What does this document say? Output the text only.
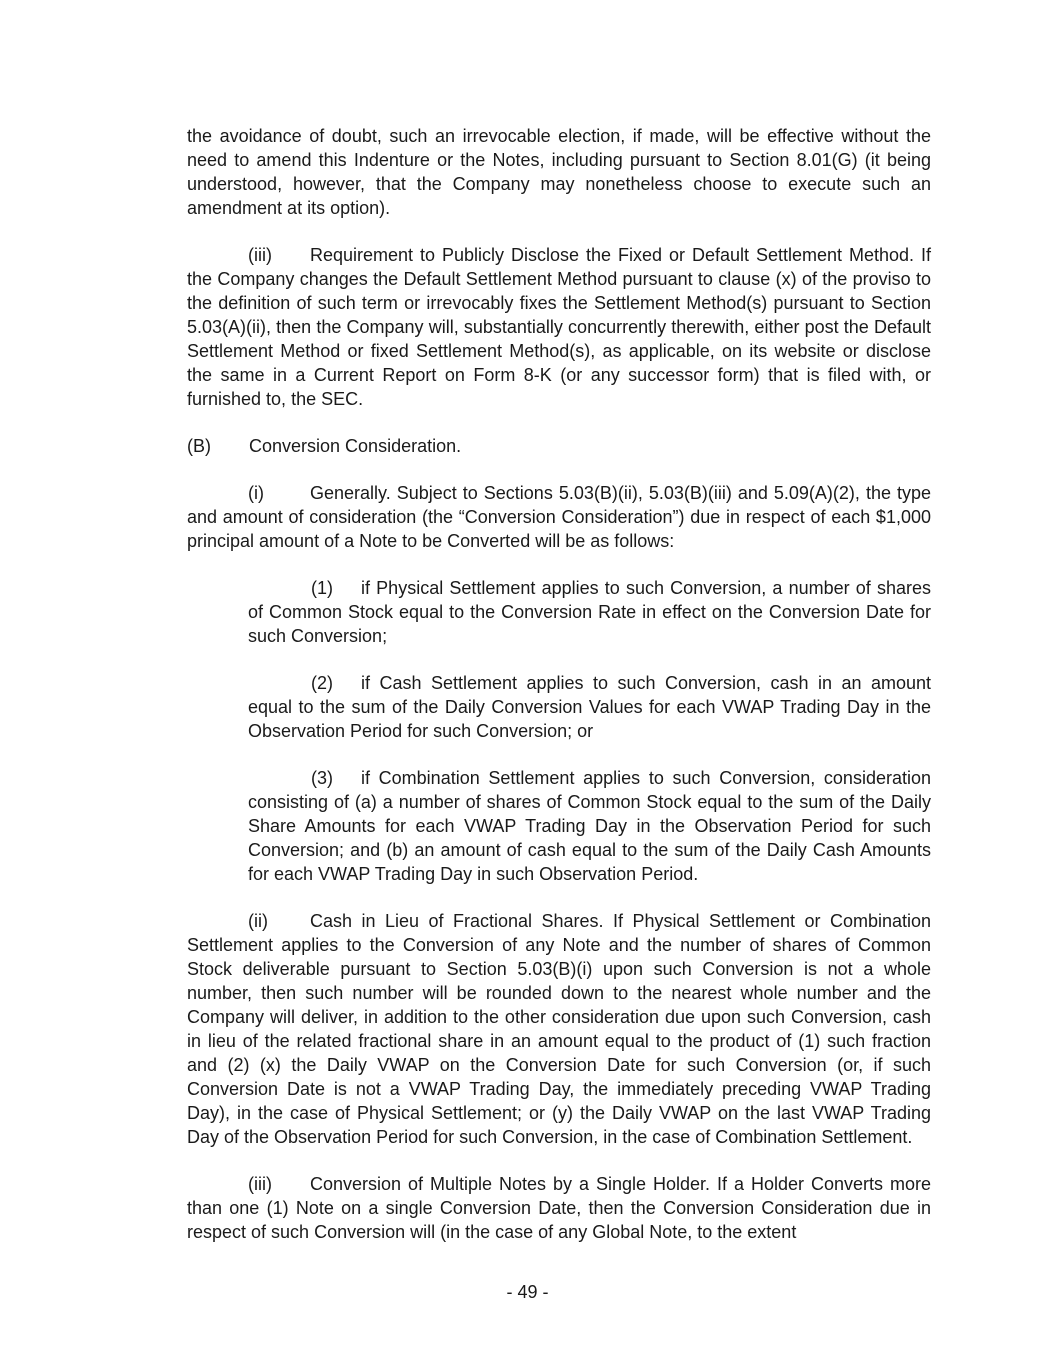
the avoidance of doubt, such an irrevocable election, if made, will be effective without the need to amend this Indenture or the Notes, including pursuant to Section 8.01(G) (it being understood, however, that the Company may nonetheless choose to execute such an amendment at its option).

(iii) Requirement to Publicly Disclose the Fixed or Default Settlement Method. If the Company changes the Default Settlement Method pursuant to clause (x) of the proviso to the definition of such term or irrevocably fixes the Settlement Method(s) pursuant to Section 5.03(A)(ii), then the Company will, substantially concurrently therewith, either post the Default Settlement Method or fixed Settlement Method(s), as applicable, on its website or disclose the same in a Current Report on Form 8-K (or any successor form) that is filed with, or furnished to, the SEC.

(B) Conversion Consideration.

(i)	Generally. Subject to Sections 5.03(B)(ii), 5.03(B)(iii) and 5.09(A)(2), the type and amount of consideration (the “Conversion Consideration”) due in respect of each $1,000 principal amount of a Note to be Converted will be as follows:

(1) if Physical Settlement applies to such Conversion, a number of shares of Common Stock equal to the Conversion Rate in effect on the Conversion Date for such Conversion;

(2) if Cash Settlement applies to such Conversion, cash in an amount equal to the sum of the Daily Conversion Values for each VWAP Trading Day in the Observation Period for such Conversion; or

(3) if Combination Settlement applies to such Conversion, consideration consisting of (a) a number of shares of Common Stock equal to the sum of the Daily Share Amounts for each VWAP Trading Day in the Observation Period for such Conversion; and (b) an amount of cash equal to the sum of the Daily Cash Amounts for each VWAP Trading Day in such Observation Period.

(ii) Cash in Lieu of Fractional Shares. If Physical Settlement or Combination Settlement applies to the Conversion of any Note and the number of shares of Common Stock deliverable pursuant to Section 5.03(B)(i) upon such Conversion is not a whole number, then such number will be rounded down to the nearest whole number and the Company will deliver, in addition to the other consideration due upon such Conversion, cash in lieu of the related fractional share in an amount equal to the product of (1) such fraction and (2) (x) the Daily VWAP on the Conversion Date for such Conversion (or, if such Conversion Date is not a VWAP Trading Day, the immediately preceding VWAP Trading Day), in the case of Physical Settlement; or (y) the Daily VWAP on the last VWAP Trading Day of the Observation Period for such Conversion, in the case of Combination Settlement.

(iii) Conversion of Multiple Notes by a Single Holder. If a Holder Converts more than one (1) Note on a single Conversion Date, then the Conversion Consideration due in respect of such Conversion will (in the case of any Global Note, to the extent

- 49 -
